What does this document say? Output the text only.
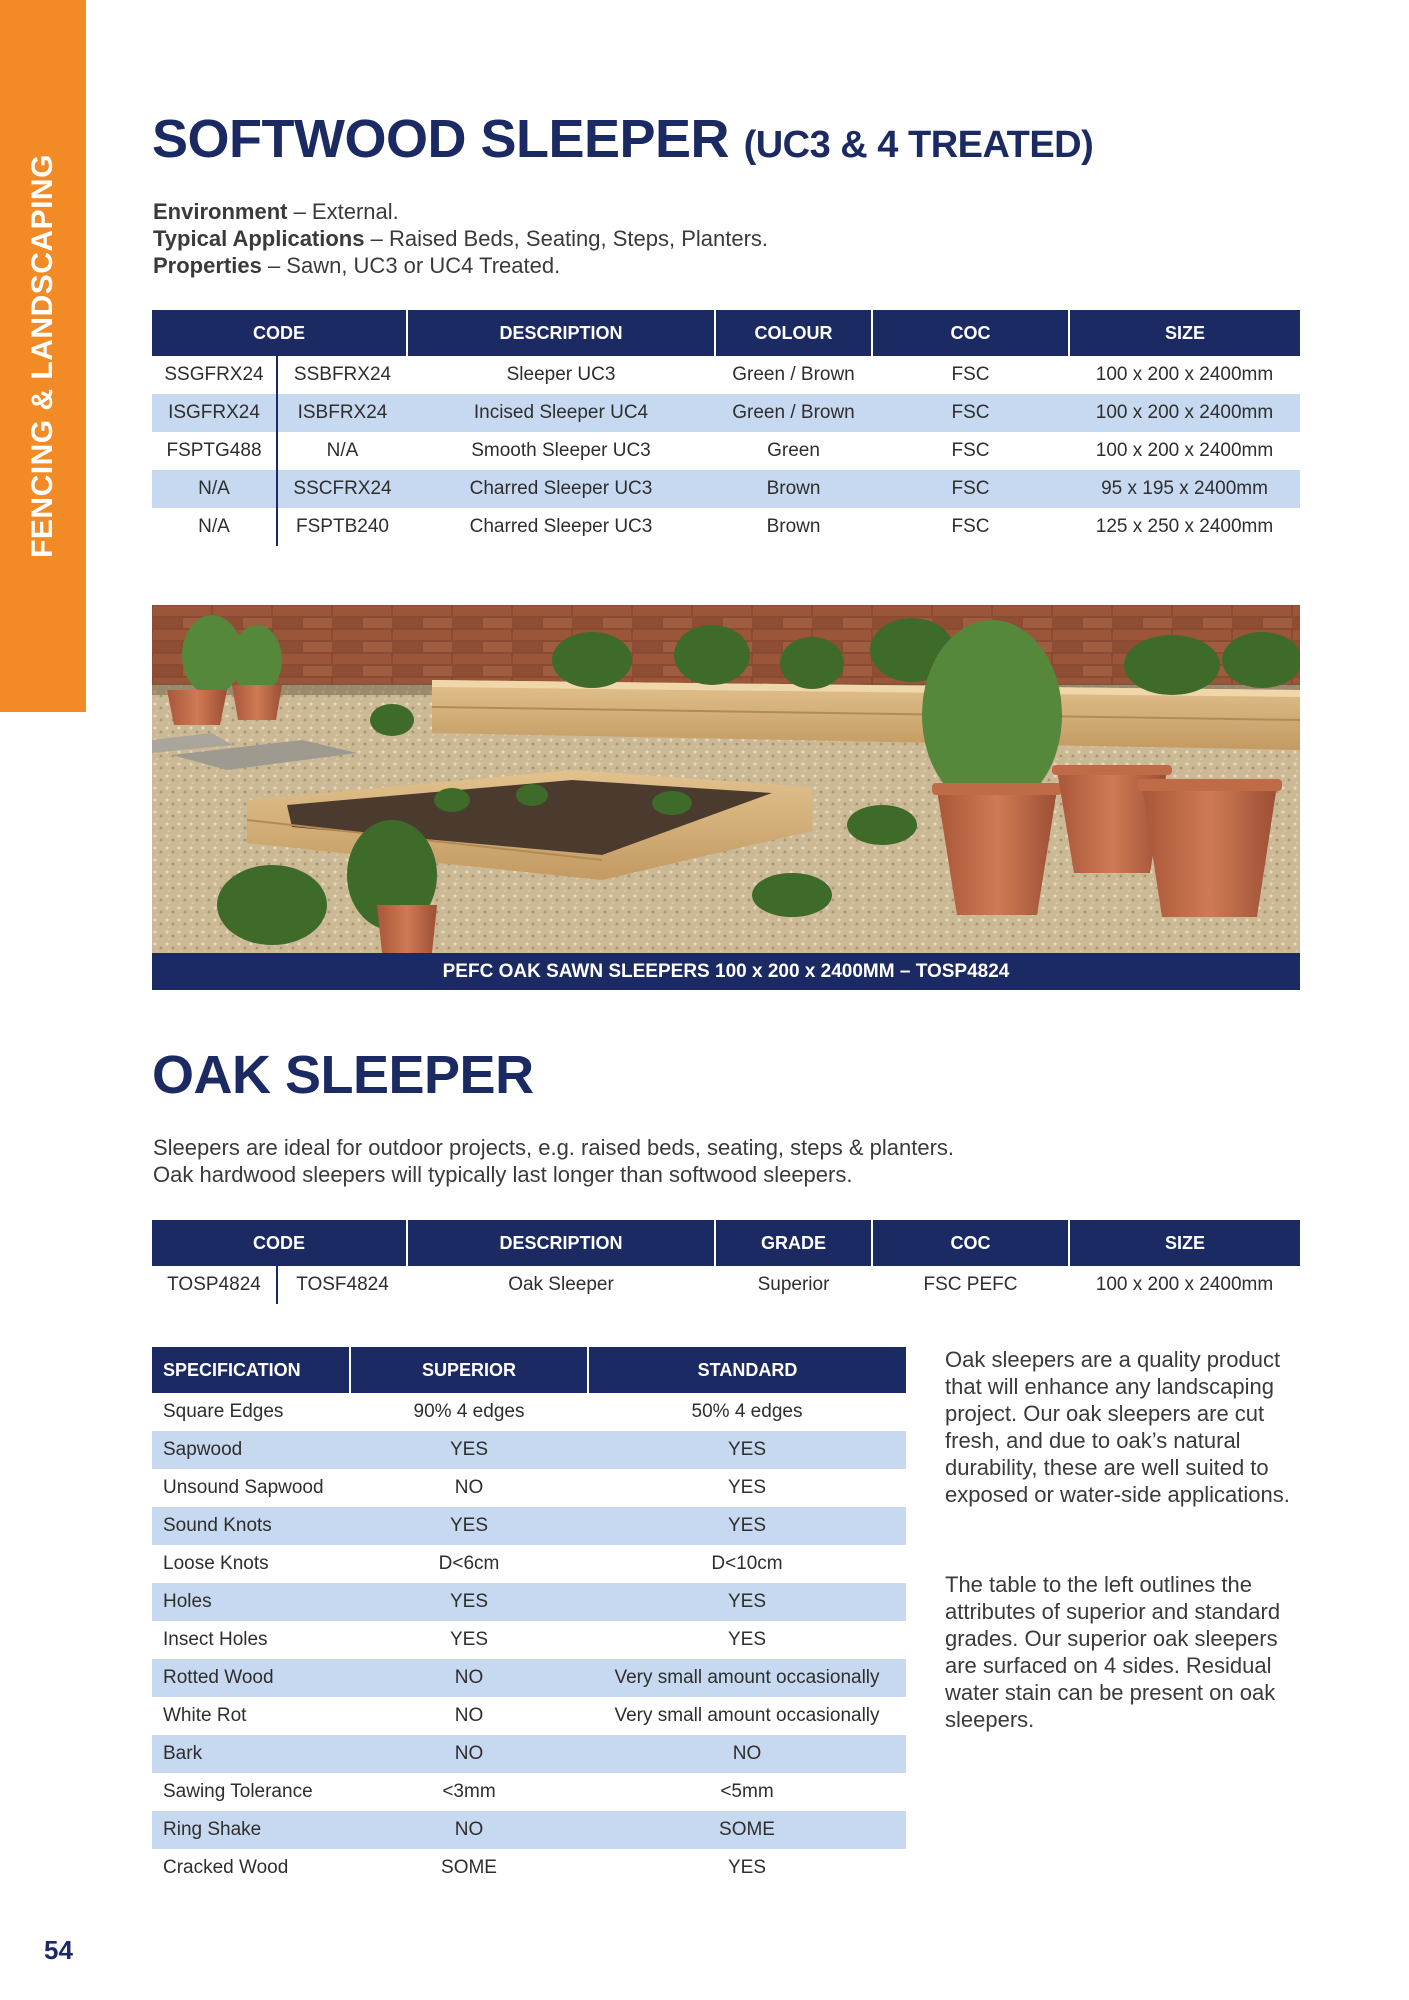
FENCING & LANDSCAPING
SOFTWOOD SLEEPER (UC3 & 4 TREATED)
Environment – External.
Typical Applications – Raised Beds, Seating, Steps, Planters.
Properties – Sawn, UC3 or UC4 Treated.
CODE		DESCRIPTION	COLOUR	COC	SIZE
SSGFRX24	SSBFRX24	Sleeper UC3	Green / Brown	FSC	100 x 200 x 2400mm
ISGFRX24	ISBFRX24	Incised Sleeper UC4	Green / Brown	FSC	100 x 200 x 2400mm
FSPTG488	N/A	Smooth Sleeper UC3	Green	FSC	100 x 200 x 2400mm
N/A	SSCFRX24	Charred Sleeper UC3	Brown	FSC	95 x 195 x 2400mm
N/A	FSPTB240	Charred Sleeper UC3	Brown	FSC	125 x 250 x 2400mm
PEFC OAK SAWN SLEEPERS 100 x 200 x 2400MM – TOSP4824
OAK SLEEPER
Sleepers are ideal for outdoor projects, e.g. raised beds, seating, steps & planters.
Oak hardwood sleepers will typically last longer than softwood sleepers.
CODE		DESCRIPTION	GRADE	COC	SIZE
TOSP4824	TOSF4824	Oak Sleeper	Superior	FSC PEFC	100 x 200 x 2400mm
SPECIFICATION	SUPERIOR	STANDARD
Square Edges	90% 4 edges	50% 4 edges
Sapwood	YES	YES
Unsound Sapwood	NO	YES
Sound Knots	YES	YES
Loose Knots	D<6cm	D<10cm
Holes	YES	YES
Insect Holes	YES	YES
Rotted Wood	NO	Very small amount occasionally
White Rot	NO	Very small amount occasionally
Bark	NO	NO
Sawing Tolerance	<3mm	<5mm
Ring Shake	NO	SOME
Cracked Wood	SOME	YES
Oak sleepers are a quality product that will enhance any landscaping project. Our oak sleepers are cut fresh, and due to oak’s natural durability, these are well suited to exposed or water-side applications.
The table to the left outlines the attributes of superior and standard grades. Our superior oak sleepers are surfaced on 4 sides. Residual water stain can be present on oak sleepers.
54
